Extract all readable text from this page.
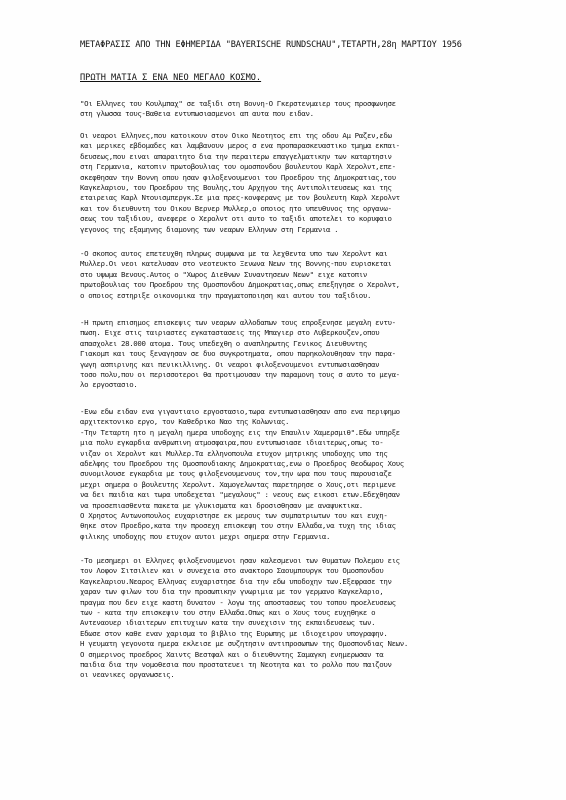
ΜΕΤΑΦΡΑΣΙΣ ΑΠΟ ΤΗΝ ΕΦΗΜΕΡΙΔΑ "BAYERISCHE RUNDSCHAU",ΤΕΤΑΡΤΗ,28η ΜΑΡΤΙΟΥ 1956
ΠΡΩΤΗ ΜΑΤΙΑ Σ ΕΝΑ ΝΕΟ ΜΕΓΑΛΟ ΚΟΣΜΟ.
"Οι Ελληνες του Κουλμπαχ" σε ταξιδι στη Βοννη-Ο Γκερστενμαιερ τους προσφωνησε
στη γλωσσα τους-Βαθεια εντυπωσιασμενοι απ αυτα που ειδαν.
Οι νεαροι Ελληνες,που κατοικουν στον Οικο Νεοτητος επι της οδου Αμ Ραζεν,εδω
και μερικες εβδομαδες και λαμβανουν μερος σ ενα προπαρασκευαστικο τμημα εκπαι-
δευσεως,που ειναι απαραιτητο δια την περαιτερω επαγγελματικην των καταρτησιν
στη Γερμανια, κατοπιν πρωτοβουλιας του ομοσπονδου βουλευτου Καρλ Χερολντ,επε-
σκεφθησαν την Βοννη οπου ησαν φιλοξενουμενοι του Προεδρου της Δημοκρατιας,του
Καγκελαριου, του Προεδρου της Βουλης,του Αρχηγου της Αντιπολιτευσεως και της
εταιρειας Καρλ Ντουισμπεργκ.Σε μια πρες-κονφερανς με τον βουλευτη Καρλ Χερολντ
και τον διευθυντη του Οικου Βερνερ Μυλλερ,ο οποιος ητο υπευθυνος της οργανω-
σεως του ταξιδιου, ανεφερε ο Χερολντ οτι αυτο το ταξιδι αποτελει το κορυφαιο
γεγονος της εξαμηνης διαμονης των νεαρων Ελληνων στη Γερμανια .
-Ο σκοπος αυτος επετευχθη πληρως συμφωνα με τα λεχθεντα υπο των Χερολντ και
Μυλλερ.Οι νεοι κατελυσαν στο νεοτευκτο Ξενωνα Νεων της Βοννης-που ευρισκεται
στο υψωμα Βενους.Αυτος ο "Χωρος Διεθνων Συναντησεων Νεων" ειχε κατοπιν
πρωτοβουλιας του Προεδρου της Ομοσπονδου Δημοκρατιας,οπως επεξηγησε ο Χερολντ,
ο οποιος εστηριξε οικονομικα την πραγματοποιηση και αυτου του ταξιδιου.
-Η πρωτη επισημος επισκεψις των νεαρων αλλοδαπων τους επροξενησε μεγαλη εντυ-
πωση. Ειχε στις ταιριαστες εγκαταστασεις της Μπαγιερ στο Λυβερκουζεν,οπου
απασχολει 28.000 ατομα. Τους υπεδεχθη ο αναπληρωτης Γενικος Διευθυντης
Γιακομπ και τους ξεναγησαν σε δυο συγκροτηματα, οπου παρηκολουθησαν την παρα-
γωγη ασπιρινης και πενικιλλινης. Οι νεαροι φιλοξενουμενοι εντυπωσιασθησαν
τοσο πολυ,που οι περισσοτεροι θα προτιμουσαν την παραμονη τους σ αυτο το μεγα-
λο εργοστασιο.
-Ενω εδω ειδαν ενα γιγαντιαιο εργοστασιο,τωρα εντυπωσιασθησαν απο ενα περιφημο
αρχιτεκτονικο εργο, τον Καθεδρικο Ναο της Κολωνιας.
-Την Τεταρτη ητο η μεγαλη ημερα υποδοχης εις την Επαυλιν Χαμερσμιθ".Εδω υπηρξε
μια πολυ εγκαρδια ανθρωπινη ατμοσφαιρα,που εντυπωσιασε ιδιαιτερως,οπως το-
νιζαν οι Χερολντ και Μυλλερ.Τα ελληνοπουλα ετυχον μητρικης υποδοχης υπο της
αδελφης του Προεδρου της Ομοσπονδιακης Δημοκρατιας,ενω ο Προεδρος Θεοδωρος Χους
συνομιλουσε εγκαρδια με τους φιλοξενουμενους τον,την ωρα που τους παρουσιαζε
μεχρι σημερα ο βουλευτης Χερολντ. Χαμογελωντας παρετηρησε ο Χους,οτι περιμενε
να δει παιδια και τωρα υποδεχεται "μεγαλους" : νεους εως εικοσι ετων.Εδεχθησαν
να προσεπιασθεντα πακετα με γλυκισματα και δροσισθησαν με αναψυκτικα.
Ο Χρηστος Αντωνοπουλος ευχαριστησε εκ μερους των συμπατριωτων του και ευχη-
θηκε στον Προεδρο,κατα την προσεχη επισκεψη του στην Ελλαδα,να τυχη της ιδιας
φιλικης υποδοχης που ετυχον αυτοι μεχρι σημερα στην Γερμανια.
-Το μεσημερι οι Ελληνες φιλοξενουμενοι ησαν καλεσμενοι των θυματων Πολεμου εις
τον Λοφον Σιτσιλιεν και ν συνεχεια στο ανακτορο Σαουμπουργκ του Ομοσπονδου
Καγκελαριου.Νεαρος Ελληνας ευχαριστησε δια την εδω υποδοχην των.Εξεφρασε την
χαραν των φιλων του δια την προσωπικην γνωριμια με τον γερμανο Καγκελαριο,
πραγμα που δεν ειχε καστη δυνατον - λογω της αποστασεως του τοπου προελευσεως
των - κατα την επισκεψιν του στην Ελλαδα.Οπως και ο Χους τους ευχηθηκε ο
Αντεναουερ ιδιαιτερων επιτυχιων κατα την συνεχισιν της εκπαιδευσεως των.
Εδωσε στον καθε εναν χαρισμα το βιβλιο της Ευρωπης με ιδιοχειρον υπογραφην.
Η γευματη γεγονοτα ημερα εκλεισε με συζητησιν αντιπροσωπων της Ομοσπονδιας Νεων.
Ο σημερινος προεδρος Χαιντς Βεστφαλ και ο διευθυντης Σαμαγκη ενημερωσαν τα
παιδια δια την νομοθεσια που προστατευει τη Νεοτητα και το ρολλο που παιζουν
οι νεανικες οργανωσεις.
